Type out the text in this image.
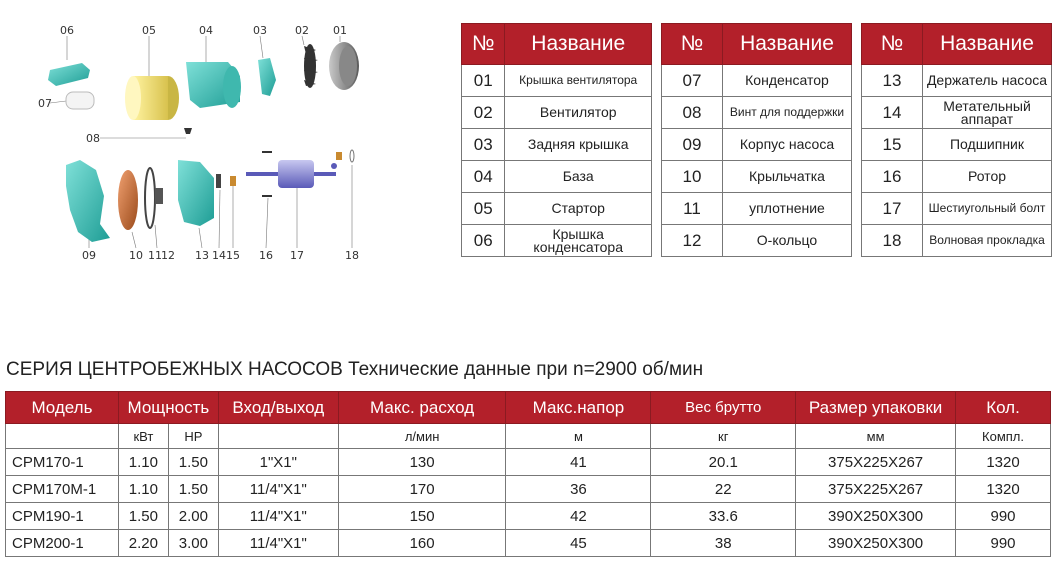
06	05	04	03	02 01
07
08
09	10 11 12 13 14 15 16 17	18
№	Название
01	Крышка вентилятора
02	Вентилятор
03	Задняя крышка
04	База
05	Стартор
06	Крышка конденсатора
№	Название
07	Конденсатор
08	Винт для поддержки
09	Корпус насоса
10	Крыльчатка
11	уплотнение
12	О-кольцо
№	Название
13	Держатель насоса
14	Метательный аппарат
15	Подшипник
16	Ротор
17	Шестиугольный болт
18	Волновая прокладка
СЕРИЯ ЦЕНТРОБЕЖНЫХ НАСОСОВ Технические данные при n=2900 об/мин
Модель	Мощность		Вход/выход	Макс. расход	Макс.напор	Вес брутто	Размер упаковки	Кол.
	кВт	HP		л/мин	м	кг	мм	Компл.
CPM170-1	1.10	1.50	1"X1"	130	41	20.1	375X225X267	1320
CPM170M-1	1.10	1.50	11/4"X1"	170	36	22	375X225X267	1320
CPM190-1	1.50	2.00	11/4"X1"	150	42	33.6	390X250X300	990
CPM200-1	2.20	3.00	11/4"X1"	160	45	38	390X250X300	990
